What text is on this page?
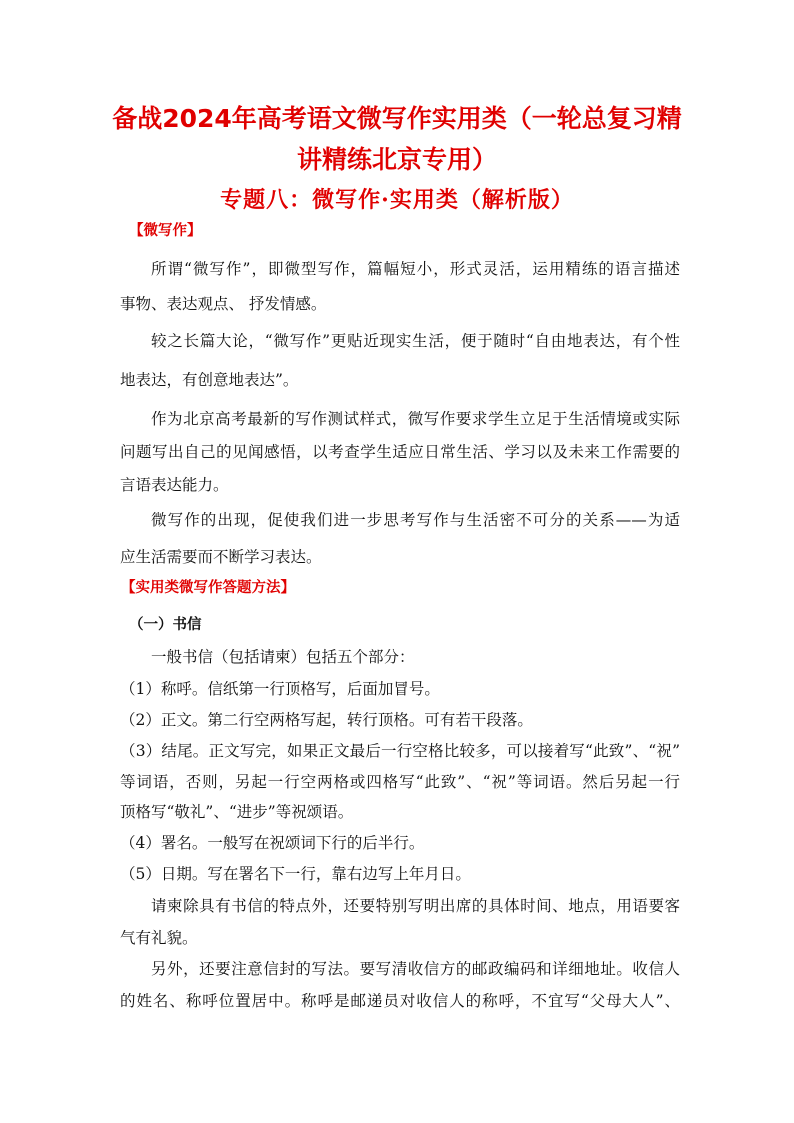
备战2024年高考语文微写作实用类（一轮总复习精
讲精练北京专用）
专题八：微写作·实用类（解析版）
【微写作】
所谓“微写作”，即微型写作，篇幅短小，形式灵活，运用精练的语言描述
事物、表达观点、 抒发情感。
较之长篇大论，“微写作”更贴近现实生活，便于随时“自由地表达，有个性
地表达，有创意地表达”。
作为北京高考最新的写作测试样式，微写作要求学生立足于生活情境或实际
问题写出自己的见闻感悟，以考查学生适应日常生活、学习以及未来工作需要的
言语表达能力。
微写作的出现，促使我们进一步思考写作与生活密不可分的关系——为适
应生活需要而不断学习表达。
【实用类微写作答题方法】
（一）书信
一般书信（包括请柬）包括五个部分：
（1）称呼。信纸第一行顶格写，后面加冒号。
（2）正文。第二行空两格写起，转行顶格。可有若干段落。
（3）结尾。正文写完，如果正文最后一行空格比较多，可以接着写“此致”、“祝”
等词语，否则，另起一行空两格或四格写“此致”、“祝”等词语。然后另起一行
顶格写“敬礼”、“进步”等祝颂语。
（4）署名。一般写在祝颂词下行的后半行。
（5）日期。写在署名下一行，靠右边写上年月日。
请柬除具有书信的特点外，还要特别写明出席的具体时间、地点，用语要客
气有礼貌。
另外，还要注意信封的写法。要写清收信方的邮政编码和详细地址。收信人
的姓名、称呼位置居中。称呼是邮递员对收信人的称呼，不宜写“父母大人”、
